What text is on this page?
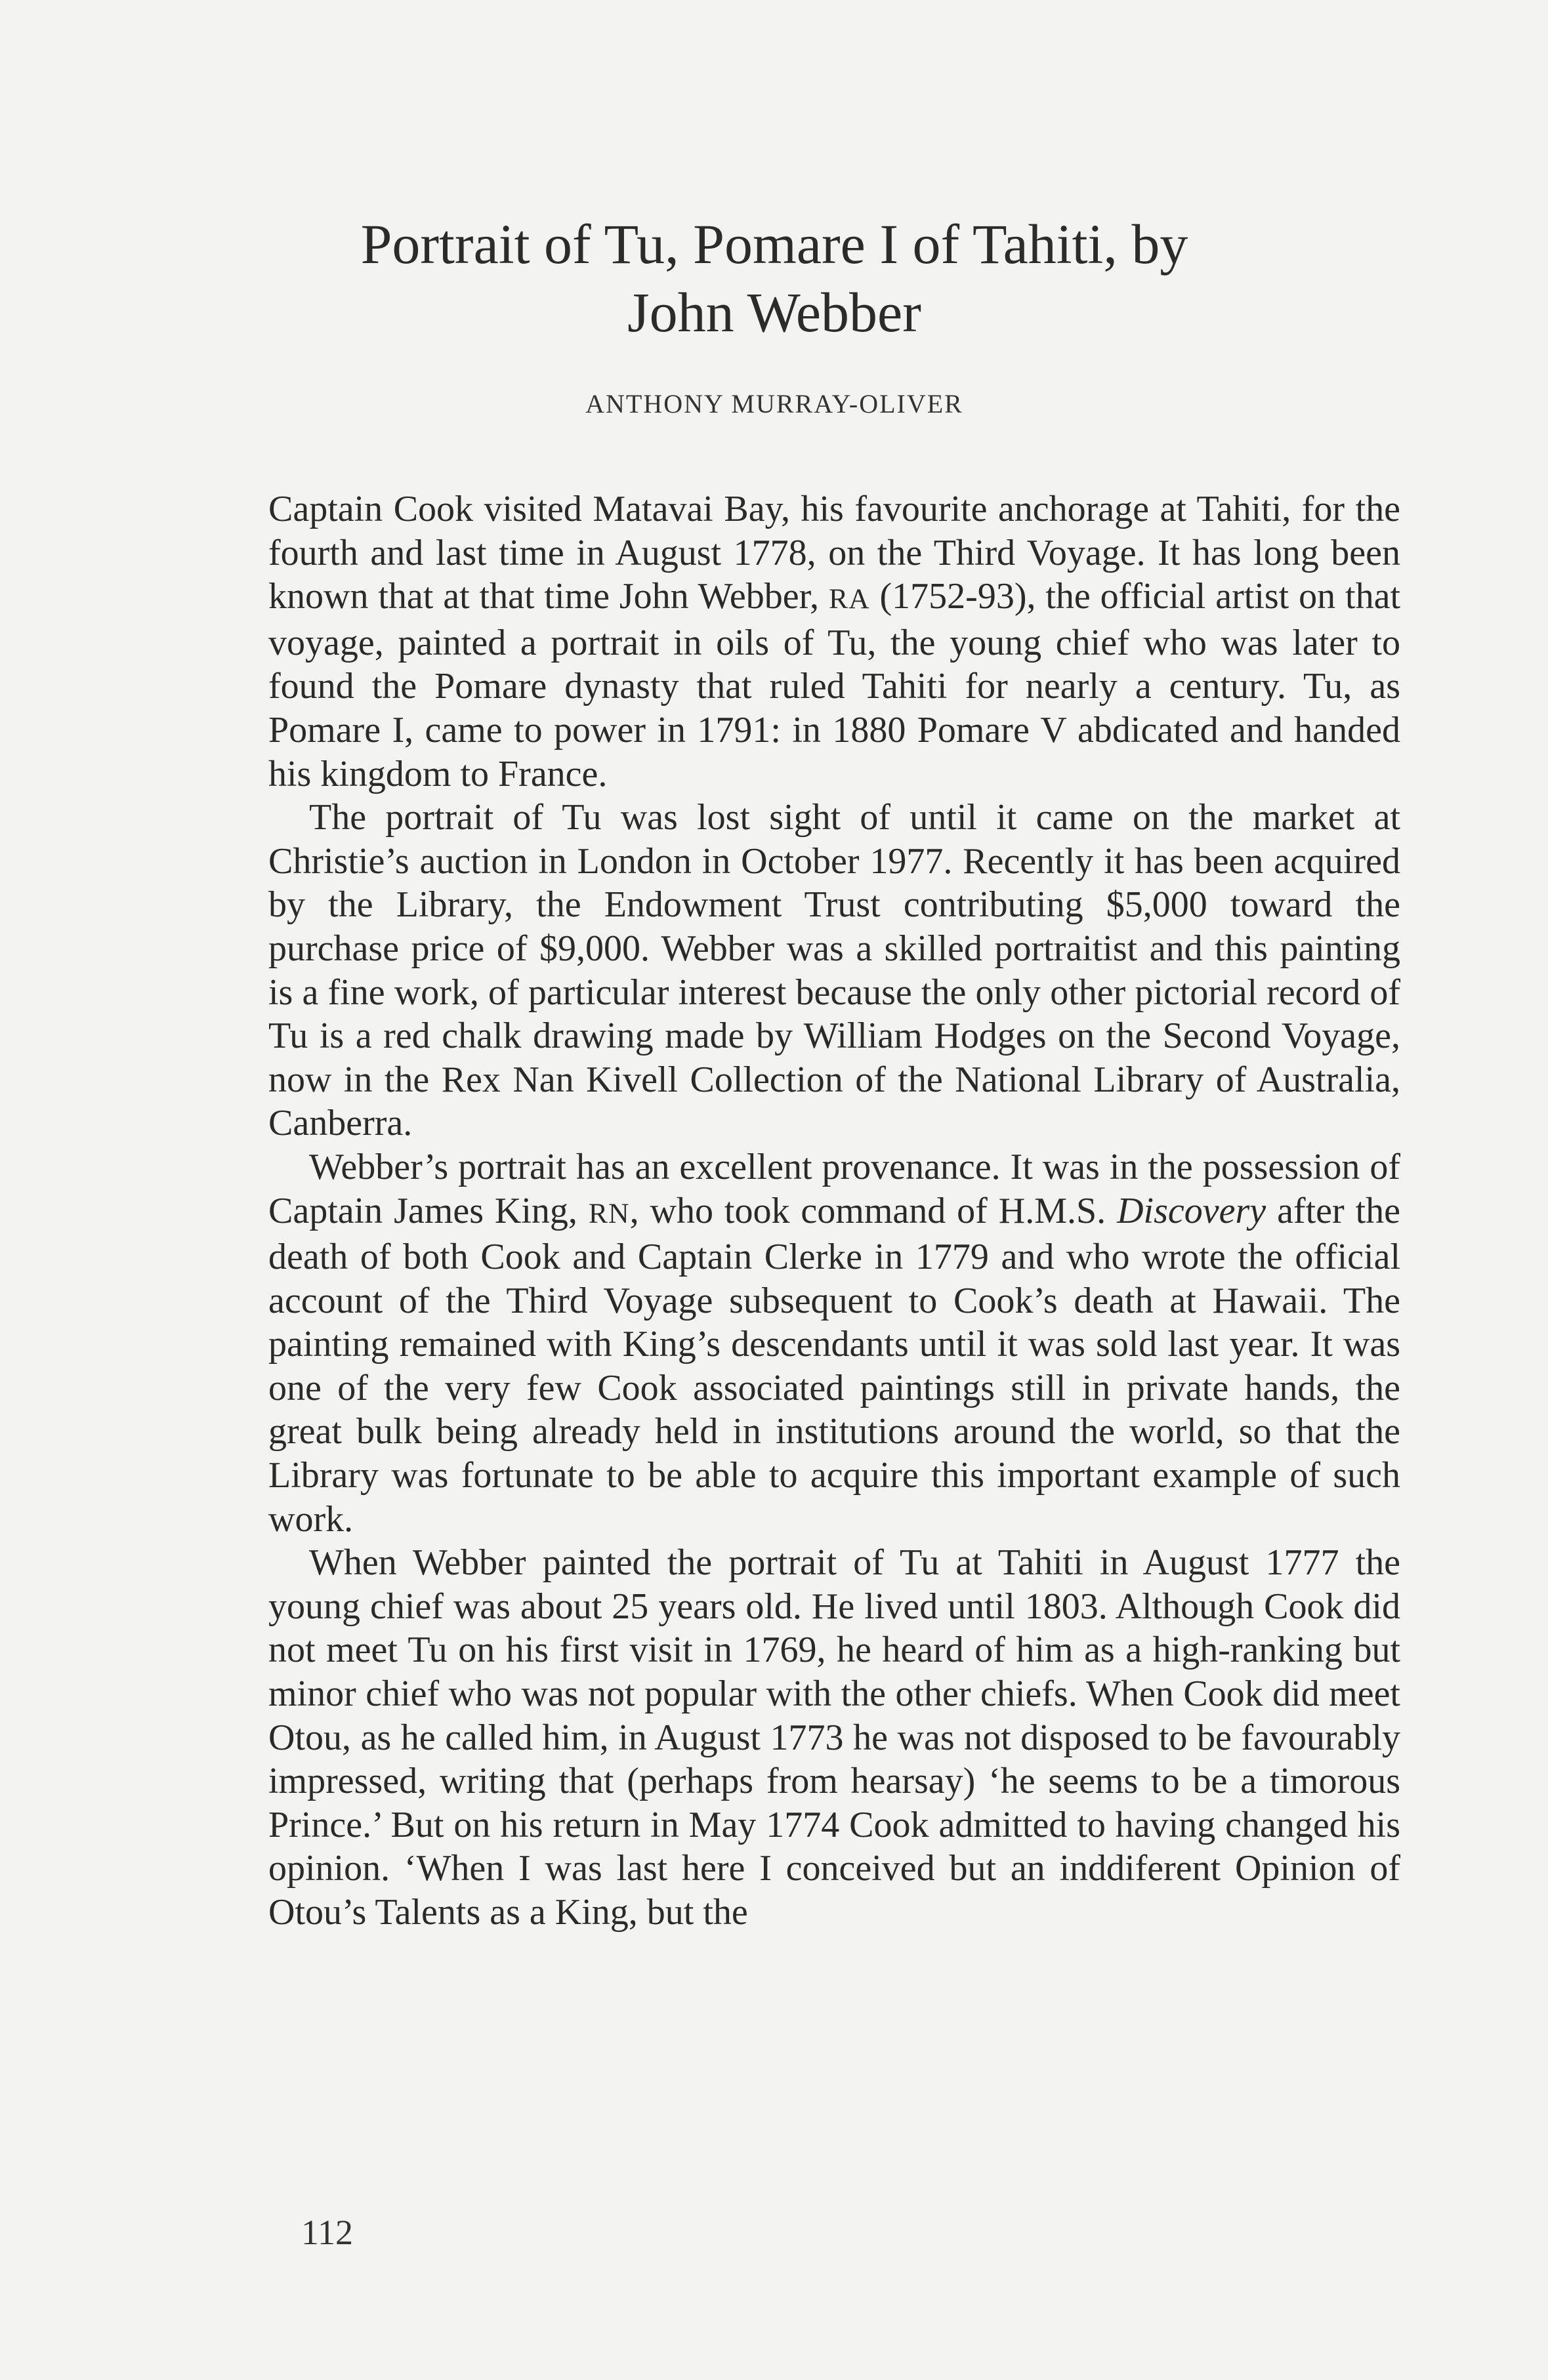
Portrait of Tu, Pomare I of Tahiti, by
John Webber

ANTHONY MURRAY-OLIVER

Captain Cook visited Matavai Bay, his favourite anchorage at Tahiti, for the fourth and last time in August 1778, on the Third Voyage. It has long been known that at that time John Webber, RA (1752-93), the official artist on that voyage, painted a portrait in oils of Tu, the young chief who was later to found the Pomare dynasty that ruled Tahiti for nearly a century. Tu, as Pomare I, came to power in 1791: in 1880 Pomare V abdicated and handed his kingdom to France.

The portrait of Tu was lost sight of until it came on the market at Christie’s auction in London in October 1977. Recently it has been acquired by the Library, the Endowment Trust contributing $5,000 toward the purchase price of $9,000. Webber was a skilled portraitist and this painting is a fine work, of particular interest because the only other pictorial record of Tu is a red chalk drawing made by William Hodges on the Second Voyage, now in the Rex Nan Kivell Collection of the National Library of Australia, Canberra.

Webber’s portrait has an excellent provenance. It was in the possession of Captain James King, RN, who took command of H.M.S. Discovery after the death of both Cook and Captain Clerke in 1779 and who wrote the official account of the Third Voyage subsequent to Cook’s death at Hawaii. The painting remained with King’s descendants until it was sold last year. It was one of the very few Cook associated paintings still in private hands, the great bulk being already held in institutions around the world, so that the Library was fortunate to be able to acquire this important example of such work.

When Webber painted the portrait of Tu at Tahiti in August 1777 the young chief was about 25 years old. He lived until 1803. Although Cook did not meet Tu on his first visit in 1769, he heard of him as a high-ranking but minor chief who was not popular with the other chiefs. When Cook did meet Otou, as he called him, in August 1773 he was not disposed to be favourably impressed, writing that (perhaps from hearsay) ‘he seems to be a timorous Prince.’ But on his return in May 1774 Cook admitted to having changed his opinion. ‘When I was last here I conceived but an inddiferent Opinion of Otou’s Talents as a King, but the

112
